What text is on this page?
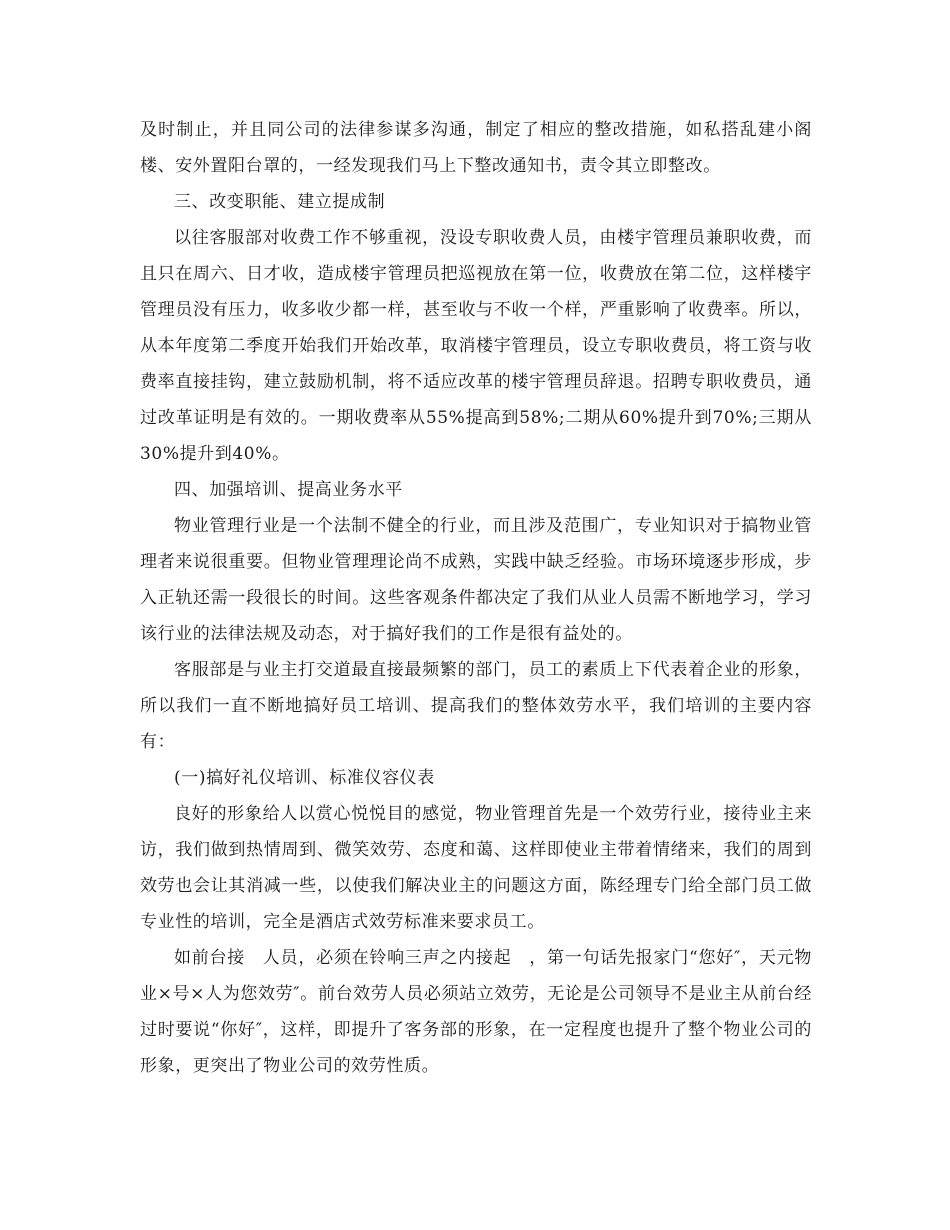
及时制止，并且同公司的法律参谋多沟通，制定了相应的整改措施，如私搭乱建小阁楼、安外置阳台罩的，一经发现我们马上下整改通知书，责令其立即整改。

三、改变职能、建立提成制

以往客服部对收费工作不够重视，没设专职收费人员，由楼宇管理员兼职收费，而且只在周六、日才收，造成楼宇管理员把巡视放在第一位，收费放在第二位，这样楼宇管理员没有压力，收多收少都一样，甚至收与不收一个样，严重影响了收费率。所以，从本年度第二季度开始我们开始改革，取消楼宇管理员，设立专职收费员，将工资与收费率直接挂钩，建立鼓励机制，将不适应改革的楼宇管理员辞退。招聘专职收费员，通过改革证明是有效的。一期收费率从55%提高到58%;二期从60%提升到70%;三期从30%提升到40%。

四、加强培训、提高业务水平

物业管理行业是一个法制不健全的行业，而且涉及范围广，专业知识对于搞物业管理者来说很重要。但物业管理理论尚不成熟，实践中缺乏经验。市场环境逐步形成，步入正轨还需一段很长的时间。这些客观条件都决定了我们从业人员需不断地学习，学习该行业的法律法规及动态，对于搞好我们的工作是很有益处的。

客服部是与业主打交道最直接最频繁的部门，员工的素质上下代表着企业的形象，所以我们一直不断地搞好员工培训、提高我们的整体效劳水平，我们培训的主要内容有：

(一)搞好礼仪培训、标准仪容仪表

良好的形象给人以赏心悦悦目的感觉，物业管理首先是一个效劳行业，接待业主来访，我们做到热情周到、微笑效劳、态度和蔼、这样即使业主带着情绪来，我们的周到效劳也会让其消减一些，以使我们解决业主的问题这方面，陈经理专门给全部门员工做专业性的培训，完全是酒店式效劳标准来要求员工。

如前台接　人员，必须在铃响三声之内接起　，第一句话先报家门“您好″，天元物业×号×人为您效劳″。前台效劳人员必须站立效劳，无论是公司领导不是业主从前台经过时要说“你好″，这样，即提升了客务部的形象，在一定程度也提升了整个物业公司的形象，更突出了物业公司的效劳性质。
